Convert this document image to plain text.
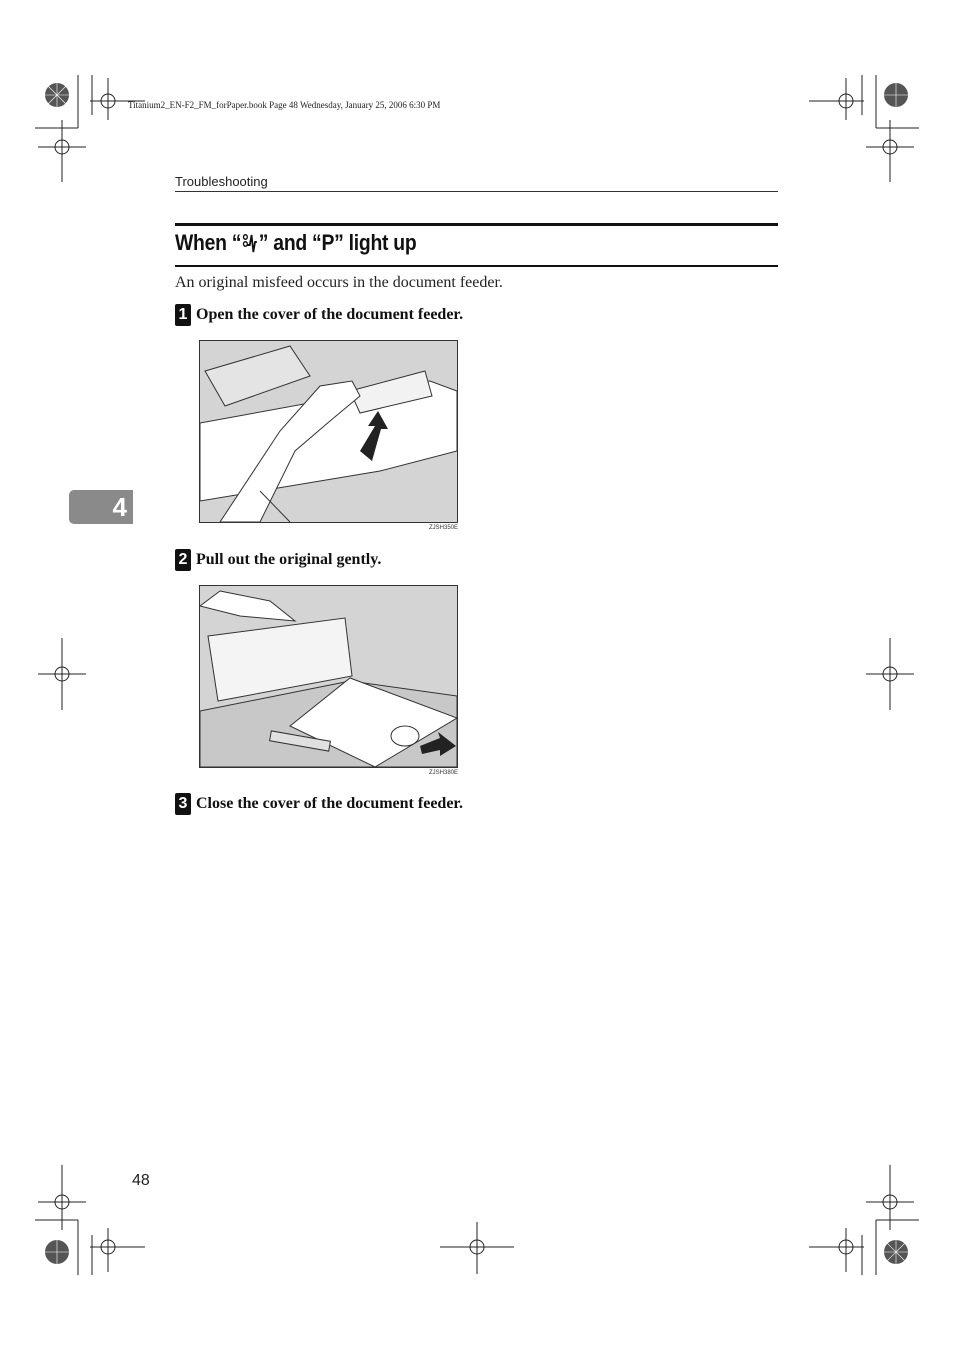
Titanium2_EN-F2_FM_forPaper.book Page 48 Wednesday, January 25, 2006 6:30 PM
Troubleshooting
When “ ” and “P” light up
An original misfeed occurs in the document feeder.
1 Open the cover of the document feeder.
ZJSH350E
4
2 Pull out the original gently.
ZJSH380E
3 Close the cover of the document feeder.
48
